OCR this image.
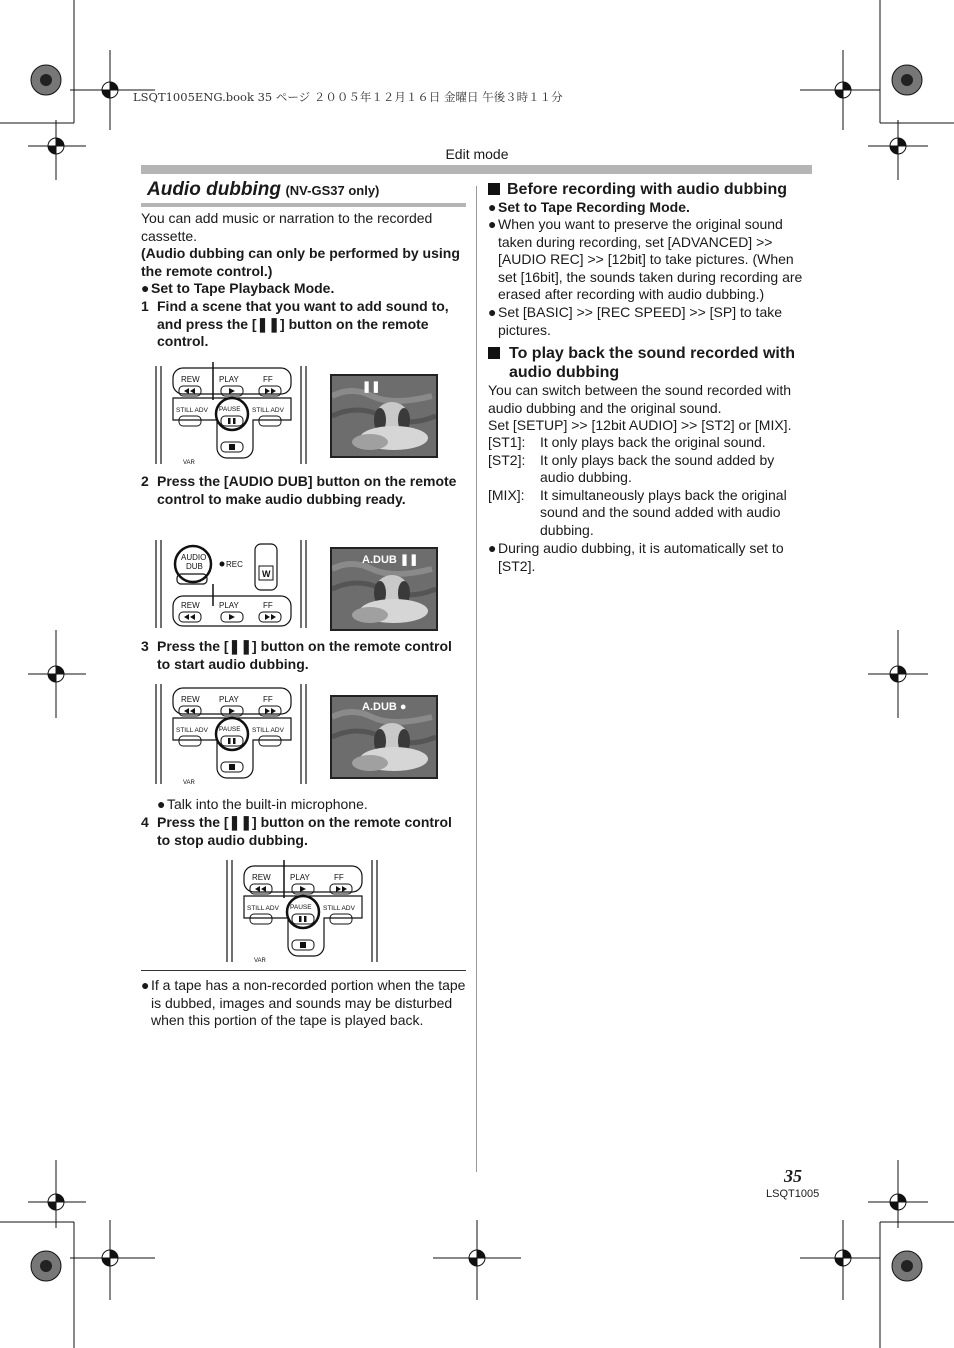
LSQT1005ENG.book 35 ページ ２００５年１２月１６日 金曜日 午後３時１１分
Edit mode
Audio dubbing (NV-GS37 only)
You can add music or narration to the recorded cassette.
(Audio dubbing can only be performed by using the remote control.)
● Set to Tape Playback Mode.
1 Find a scene that you want to add sound to, and press the [❚❚] button on the remote control.
REW PLAY	FF
STILL ADV PAUSE STILL ADV
VAR
❚❚
2 Press the [AUDIO DUB] button on the remote control to make audio dubbing ready.
AUDIO
DUB	REC
W
REW PLAY	FF
A.DUB ❚❚
3 Press the [❚❚] button on the remote control to start audio dubbing.
REW PLAY	FF
STILL ADV PAUSE STILL ADV
VAR
A.DUB ●
● Talk into the built-in microphone.
4 Press the [❚❚] button on the remote control to stop audio dubbing.
REW PLAY	FF
STILL ADV PAUSE STILL ADV
VAR
● If a tape has a non-recorded portion when the tape is dubbed, images and sounds may be disturbed when this portion of the tape is played back.
Before recording with audio dubbing
● Set to Tape Recording Mode.
● When you want to preserve the original sound taken during recording, set [ADVANCED] >> [AUDIO REC] >> [12bit] to take pictures. (When set [16bit], the sounds taken during recording are erased after recording with audio dubbing.)
● Set [BASIC] >> [REC SPEED] >> [SP] to take pictures.
To play back the sound recorded with audio dubbing
You can switch between the sound recorded with audio dubbing and the original sound.
Set [SETUP] >> [12bit AUDIO] >> [ST2] or [MIX].
[ST1]: It only plays back the original sound.
[ST2]: It only plays back the sound added by audio dubbing.
[MIX]: It simultaneously plays back the original sound and the sound added with audio dubbing.
● During audio dubbing, it is automatically set to [ST2].
35
LSQT1005
